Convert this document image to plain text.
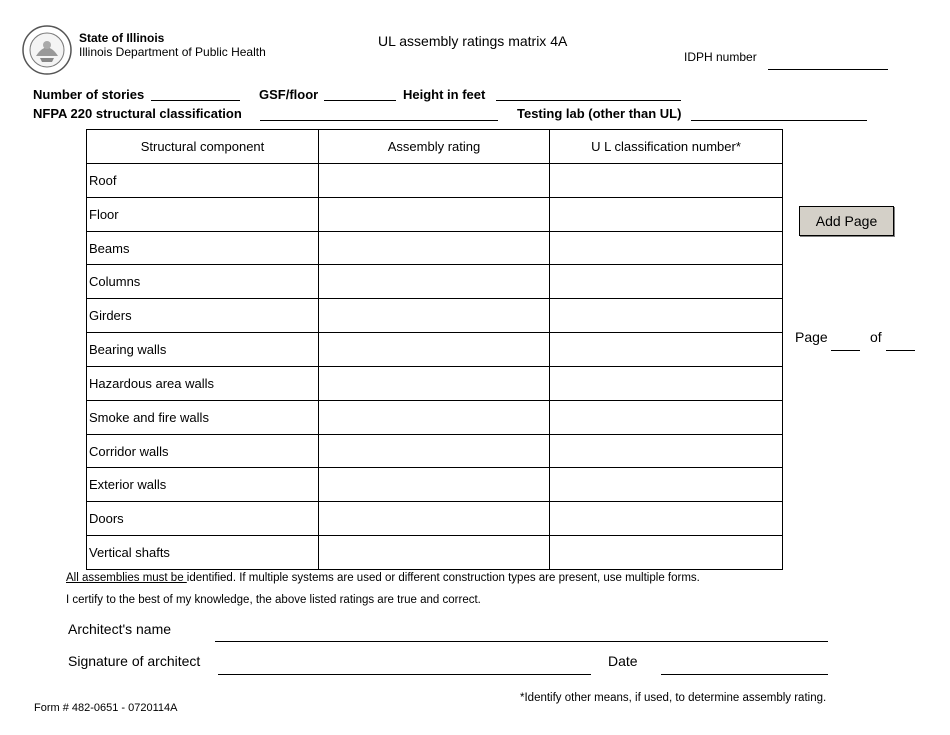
State of Illinois
Illinois Department of Public Health
UL assembly ratings matrix 4A
IDPH number
Number of stories	GSF/floor	Height in feet
NFPA 220 structural classification	Testing lab (other than UL)
Structural component	Assembly rating	U L classification number*
Roof		
Floor		
Beams		
Columns		
Girders		
Bearing walls		
Hazardous area walls		
Smoke and fire walls		
Corridor walls		
Exterior walls		
Doors		
Vertical shafts		
Add Page
Page	of
All assemblies must be identified. If multiple systems are used or different construction types are present, use multiple forms.
I certify to the best of my knowledge, the above listed ratings are true and correct.
Architect's name
Signature of architect	Date
*Identify other means, if used, to determine assembly rating.
Form # 482-0651 - 0720114A
